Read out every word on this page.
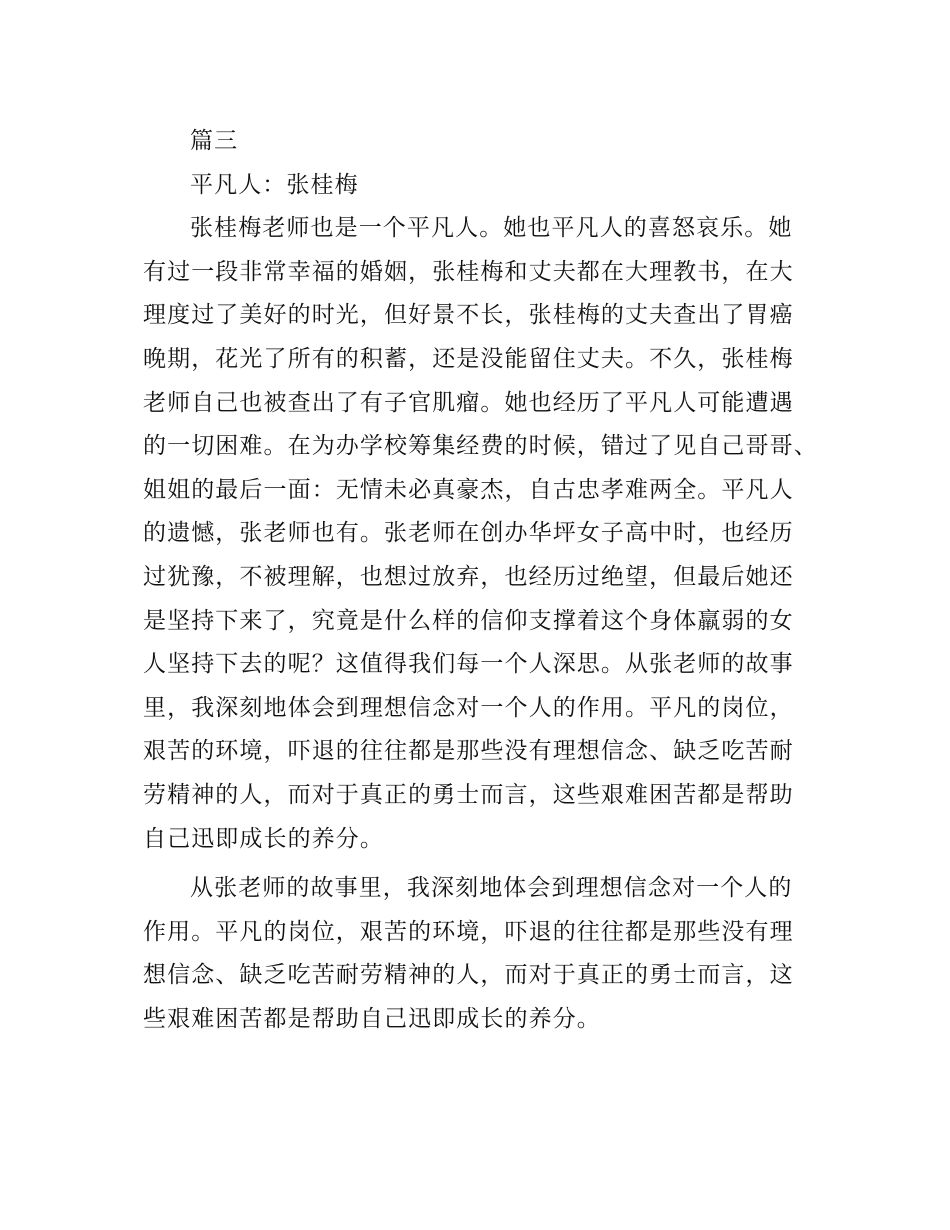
篇三
平凡人：张桂梅
张桂梅老师也是一个平凡人。她也平凡人的喜怒哀乐。她
有过一段非常幸福的婚姻，张桂梅和丈夫都在大理教书，在大
理度过了美好的时光，但好景不长，张桂梅的丈夫查出了胃癌
晚期，花光了所有的积蓄，还是没能留住丈夫。不久，张桂梅
老师自己也被查出了有子官肌瘤。她也经历了平凡人可能遭遇
的一切困难。在为办学校筹集经费的时候，错过了见自己哥哥、
姐姐的最后一面：无情未必真豪杰，自古忠孝难两全。平凡人
的遗憾，张老师也有。张老师在创办华坪女子高中时，也经历
过犹豫，不被理解，也想过放弃，也经历过绝望，但最后她还
是坚持下来了，究竟是什么样的信仰支撑着这个身体羸弱的女
人坚持下去的呢？这值得我们每一个人深思。从张老师的故事
里，我深刻地体会到理想信念对一个人的作用。平凡的岗位，
艰苦的环境，吓退的往往都是那些没有理想信念、缺乏吃苦耐
劳精神的人，而对于真正的勇士而言，这些艰难困苦都是帮助
自己迅即成长的养分。
从张老师的故事里，我深刻地体会到理想信念对一个人的
作用。平凡的岗位，艰苦的环境，吓退的往往都是那些没有理
想信念、缺乏吃苦耐劳精神的人，而对于真正的勇士而言，这
些艰难困苦都是帮助自己迅即成长的养分。
